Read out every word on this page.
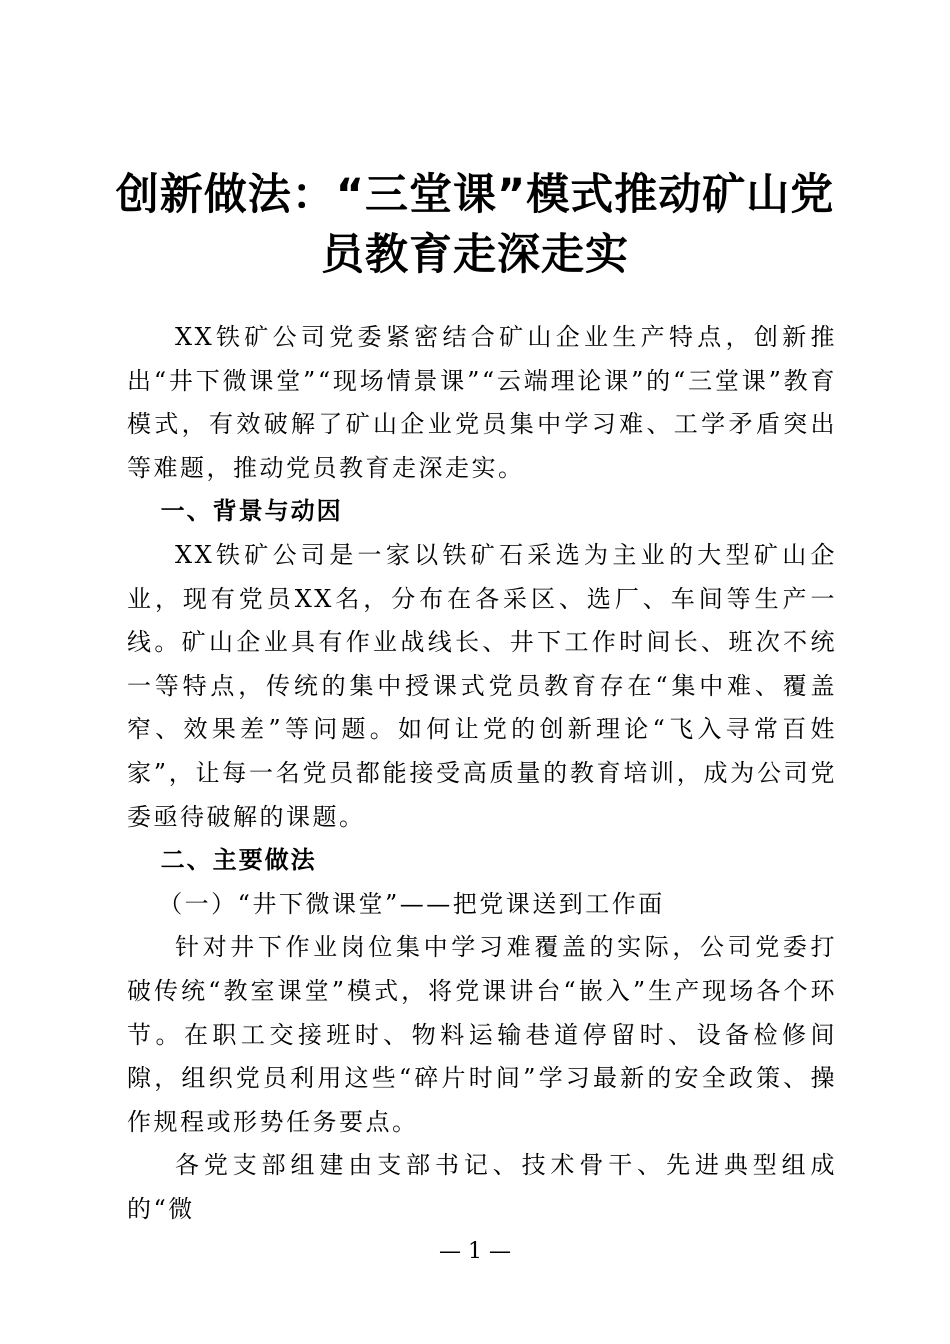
创新做法：“三堂课”模式推动矿山党
员教育走深走实

XX铁矿公司党委紧密结合矿山企业生产特点，创新推出“井下微课堂”“现场情景课”“云端理论课”的“三堂课”教育模式，有效破解了矿山企业党员集中学习难、工学矛盾突出等难题，推动党员教育走深走实。

一、背景与动因

XX铁矿公司是一家以铁矿石采选为主业的大型矿山企业，现有党员XX名，分布在各采区、选厂、车间等生产一线。矿山企业具有作业战线长、井下工作时间长、班次不统一等特点，传统的集中授课式党员教育存在“集中难、覆盖窄、效果差”等问题。如何让党的创新理论“飞入寻常百姓家”，让每一名党员都能接受高质量的教育培训，成为公司党委亟待破解的课题。

二、主要做法
（一）“井下微课堂”——把党课送到工作面

针对井下作业岗位集中学习难覆盖的实际，公司党委打破传统“教室课堂”模式，将党课讲台“嵌入”生产现场各个环节。在职工交接班时、物料运输巷道停留时、设备检修间隙，组织党员利用这些“碎片时间”学习最新的安全政策、操作规程或形势任务要点。

各党支部组建由支部书记、技术骨干、先进典型组成的“微

— 1 —
